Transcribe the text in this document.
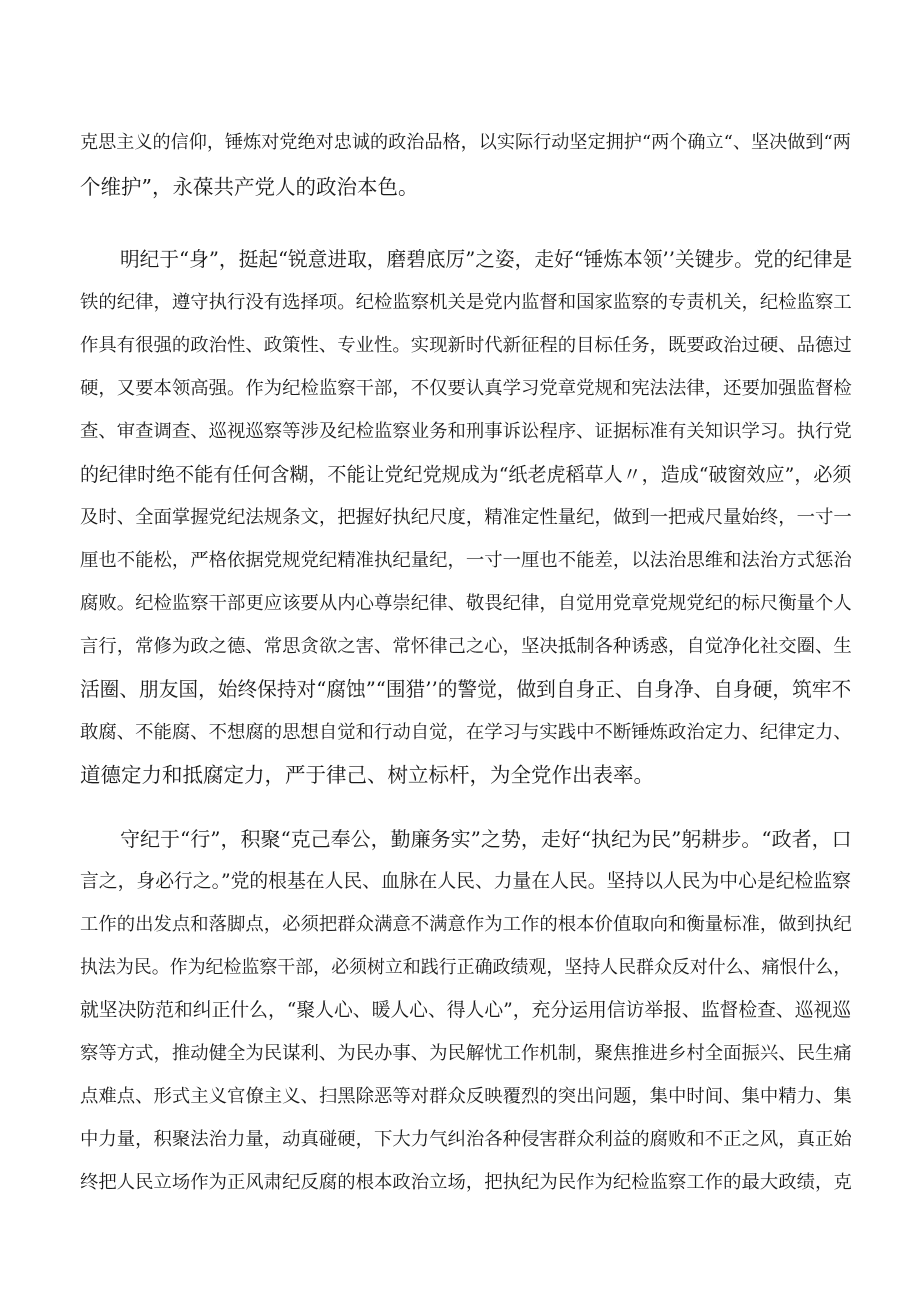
克思主义的信仰，锤炼对党绝对忠诚的政治品格，以实际行动坚定拥护“两个确立“、坚决做到“两
个维护”，永葆共产党人的政治本色。
明纪于“身”，挺起“锐意进取，磨碧底厉”之姿，走好“锤炼本领’’关键步。党的纪律是
铁的纪律，遵守执行没有选择项。纪检监察机关是党内监督和国家监察的专责机关，纪检监察工
作具有很强的政治性、政策性、专业性。实现新时代新征程的目标任务，既要政治过硬、品德过
硬，又要本领高强。作为纪检监察干部，不仅要认真学习党章党规和宪法法律，还要加强监督检
查、审查调查、巡视巡察等涉及纪检监察业务和刑事诉讼程序、证据标准有关知识学习。执行党
的纪律时绝不能有任何含糊，不能让党纪党规成为“纸老虎稻草人〃，造成“破窗效应”，必须
及时、全面掌握党纪法规条文，把握好执纪尺度，精准定性量纪，做到一把戒尺量始终，一寸一
厘也不能松，严格依据党规党纪精准执纪量纪，一寸一厘也不能差，以法治思维和法治方式惩治
腐败。纪检监察干部更应该要从内心尊崇纪律、敬畏纪律，自觉用党章党规党纪的标尺衡量个人
言行，常修为政之德、常思贪欲之害、常怀律己之心，坚决抵制各种诱惑，自觉净化社交圈、生
活圈、朋友国，始终保持对“腐蚀”“围猎’’的警觉，做到自身正、自身净、自身硬，筑牢不
敢腐、不能腐、不想腐的思想自觉和行动自觉，在学习与实践中不断锤炼政治定力、纪律定力、
道德定力和抵腐定力，严于律己、树立标杆，为全党作出表率。
守纪于“行”，积聚“克己奉公，勤廉务实”之势，走好“执纪为民”躬耕步。“政者，口
言之，身必行之。”党的根基在人民、血脉在人民、力量在人民。坚持以人民为中心是纪检监察
工作的出发点和落脚点，必须把群众满意不满意作为工作的根本价值取向和衡量标准，做到执纪
执法为民。作为纪检监察干部，必须树立和践行正确政绩观，坚持人民群众反对什么、痛恨什么，
就坚决防范和纠正什么，“聚人心、暖人心、得人心”，充分运用信访举报、监督检查、巡视巡
察等方式，推动健全为民谋利、为民办事、为民解忧工作机制，聚焦推进乡村全面振兴、民生痛
点难点、形式主义官僚主义、扫黑除恶等对群众反映覆烈的突出问题，集中时间、集中精力、集
中力量，积聚法治力量，动真碰硬，下大力气纠治各种侵害群众利益的腐败和不正之风，真正始
终把人民立场作为正风肃纪反腐的根本政治立场，把执纪为民作为纪检监察工作的最大政绩，克
